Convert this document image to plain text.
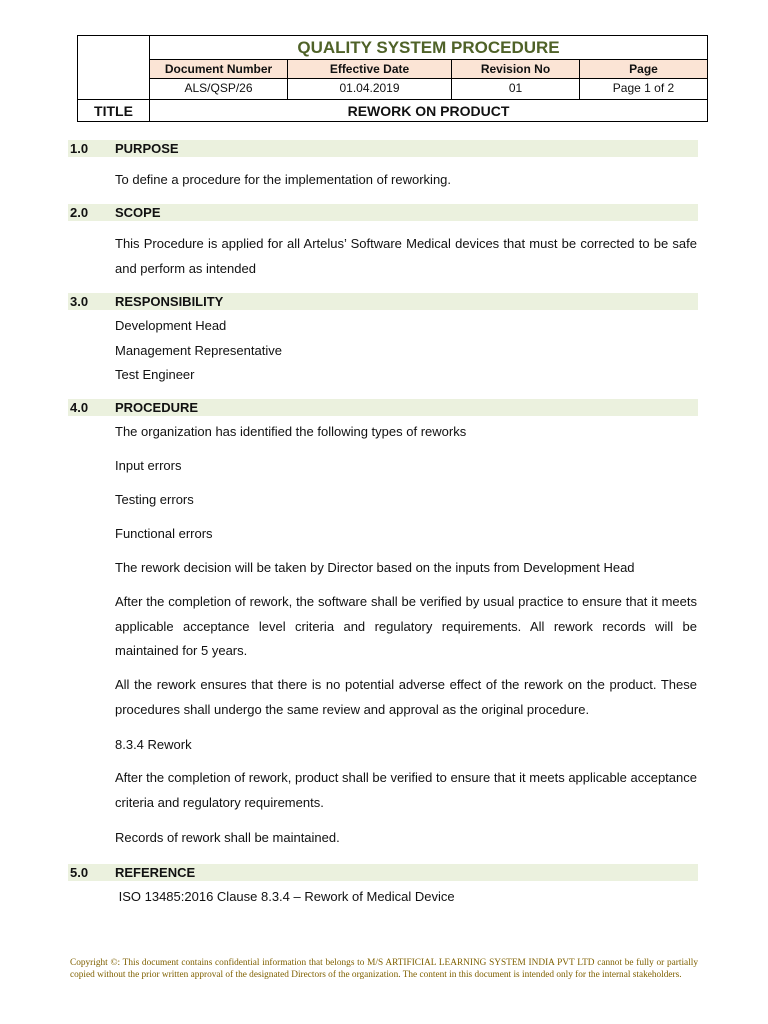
QUALITY SYSTEM PROCEDURE
Document Number	Effective Date	Revision No	Page
ALS/QSP/26	01.04.2019	01	Page 1 of 2
TITLE	REWORK ON PRODUCT
1.0 PURPOSE
To define a procedure for the implementation of reworking.
2.0 SCOPE
This Procedure is applied for all Artelus’ Software Medical devices that must be corrected to be safe and perform as intended
3.0 RESPONSIBILITY
Development Head
Management Representative
Test Engineer
4.0 PROCEDURE
The organization has identified the following types of reworks
Input errors
Testing errors
Functional errors
The rework decision will be taken by Director based on the inputs from Development Head
After the completion of rework, the software shall be verified by usual practice to ensure that it meets applicable acceptance level criteria and regulatory requirements. All rework records will be maintained for 5 years.
All the rework ensures that there is no potential adverse effect of the rework on the product. These procedures shall undergo the same review and approval as the original procedure.
8.3.4 Rework
After the completion of rework, product shall be verified to ensure that it meets applicable acceptance criteria and regulatory requirements.
Records of rework shall be maintained.
5.0 REFERENCE
ISO 13485:2016 Clause 8.3.4 – Rework of Medical Device
Copyright ©: This document contains confidential information that belongs to M/S ARTIFICIAL LEARNING SYSTEM INDIA PVT LTD cannot be fully or partially copied without the prior written approval of the designated Directors of the organization. The content in this document is intended only for the internal stakeholders.
